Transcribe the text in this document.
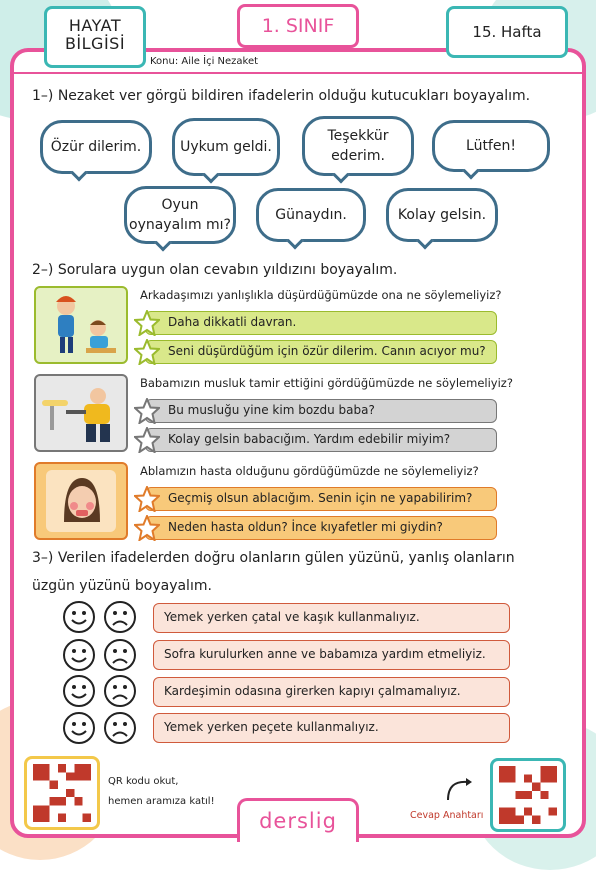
HAYAT
BİLGİSİ
1. SINIF	15. Hafta
Konu: Aile İçi Nezaket
1–) Nezaket ver görgü bildiren ifadelerin olduğu kutucukları boyayalım.
Özür dilerim.	Uykum geldi.
Teşekkür
ederim.
Lütfen!
Oyun
oynayalım mı?
Günaydın.	Kolay gelsin.
2–) Sorulara uygun olan cevabın yıldızını boyayalım.
Arkadaşımızı yanlışlıkla düşürdüğümüzde ona ne söylemeliyiz?
Daha dikkatli davran.
Seni düşürdüğüm için özür dilerim. Canın acıyor mu?
Babamızın musluk tamir ettiğini gördüğümüzde ne söylemeliyiz?
Bu musluğu yine kim bozdu baba?
Kolay gelsin babacığım. Yardım edebilir miyim?
Ablamızın hasta olduğunu gördüğümüzde ne söylemeliyiz?
Geçmiş olsun ablacığım. Senin için ne yapabilirim?
Neden hasta oldun? İnce kıyafetler mi giydin?
3–) Verilen ifadelerden doğru olanların gülen yüzünü, yanlış olanların
üzgün yüzünü boyayalım.
Yemek yerken çatal ve kaşık kullanmalıyız.
Sofra kurulurken anne ve babamıza yardım etmeliyiz.
Kardeşimin odasına girerken kapıyı çalmamalıyız.
Yemek yerken peçete kullanmalıyız.
QR kodu okut,
hemen aramıza katıl!
derslig	Cevap Anahtarı
